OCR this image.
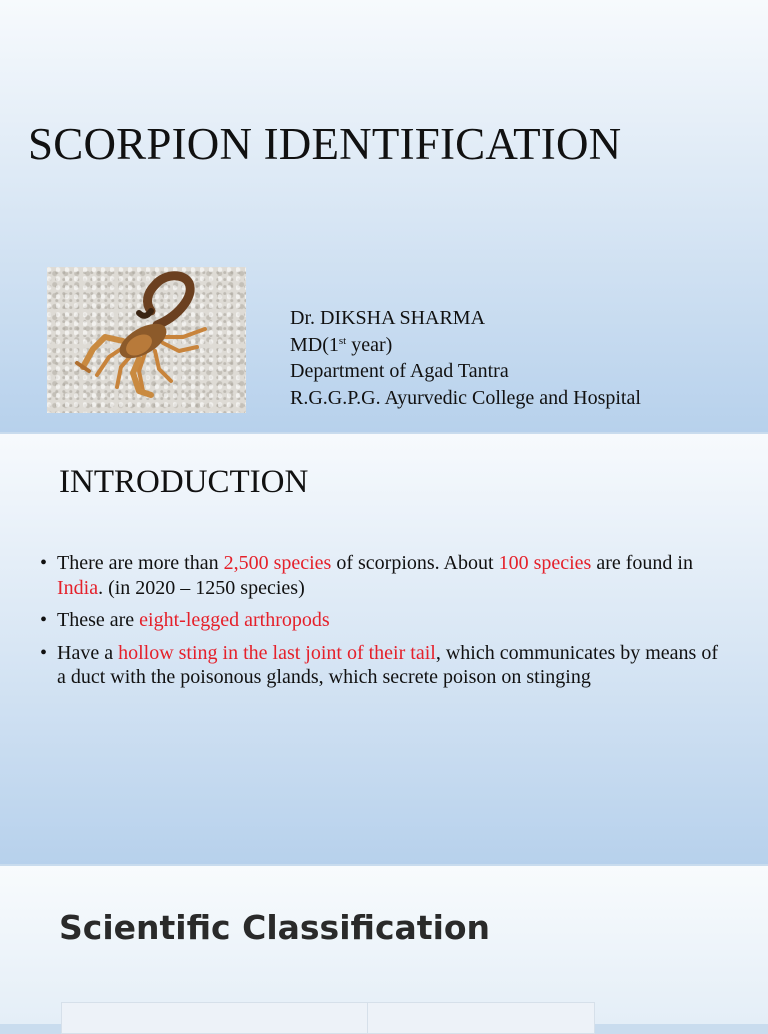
SCORPION IDENTIFICATION
Dr. DIKSHA SHARMA
MD(1st year)
Department of Agad Tantra
R.G.G.P.G. Ayurvedic College and Hospital
INTRODUCTION
• There are more than 2,500 species of scorpions. About 100 species are found in India. (in 2020 – 1250 species)
• These are eight-legged arthropods
• Have a hollow sting in the last joint of their tail, which communicates by means of a duct with the poisonous glands, which secrete poison on stinging
Scientific Classification
